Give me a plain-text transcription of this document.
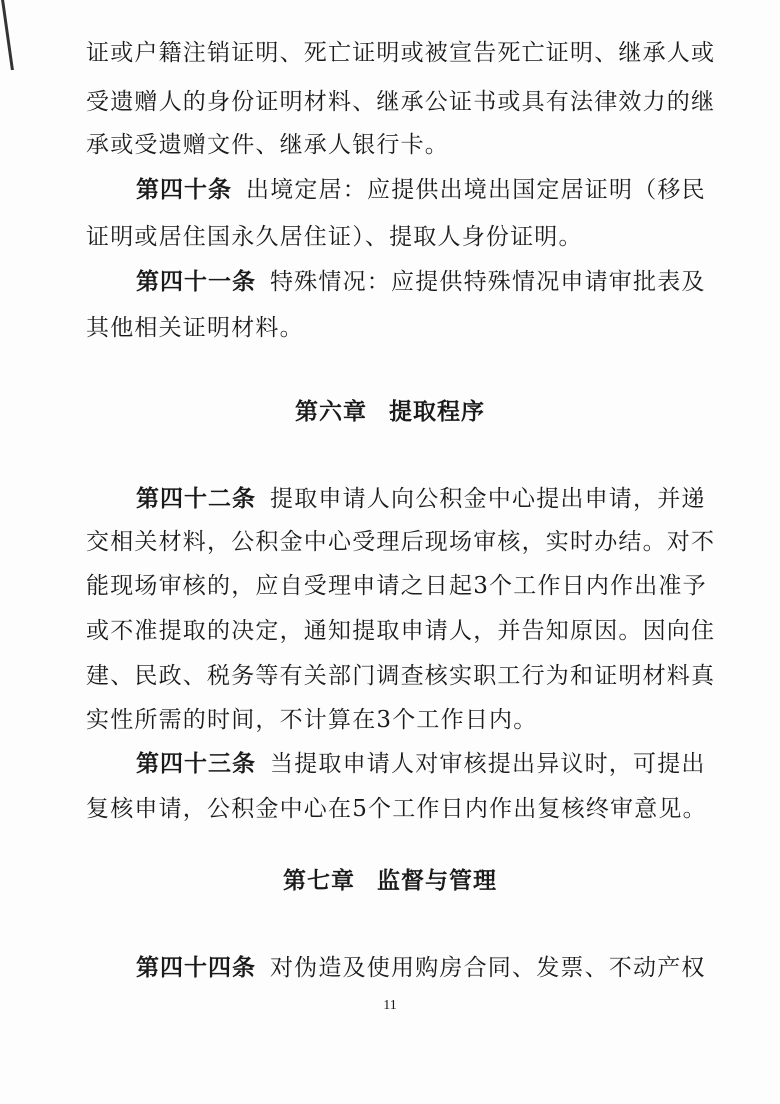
证或户籍注销证明、死亡证明或被宣告死亡证明、继承人或
受遗赠人的身份证明材料、继承公证书或具有法律效力的继
承或受遗赠文件、继承人银行卡。
第四十条 出境定居：应提供出境出国定居证明（移民
证明或居住国永久居住证）、提取人身份证明。
第四十一条 特殊情况：应提供特殊情况申请审批表及
其他相关证明材料。
第六章 提取程序
第四十二条 提取申请人向公积金中心提出申请，并递
交相关材料，公积金中心受理后现场审核，实时办结。对不
能现场审核的，应自受理申请之日起3个工作日内作出准予
或不准提取的决定，通知提取申请人，并告知原因。因向住
建、民政、税务等有关部门调查核实职工行为和证明材料真
实性所需的时间，不计算在3个工作日内。
第四十三条 当提取申请人对审核提出异议时，可提出
复核申请，公积金中心在5个工作日内作出复核终审意见。
第七章 监督与管理
第四十四条 对伪造及使用购房合同、发票、不动产权
11
